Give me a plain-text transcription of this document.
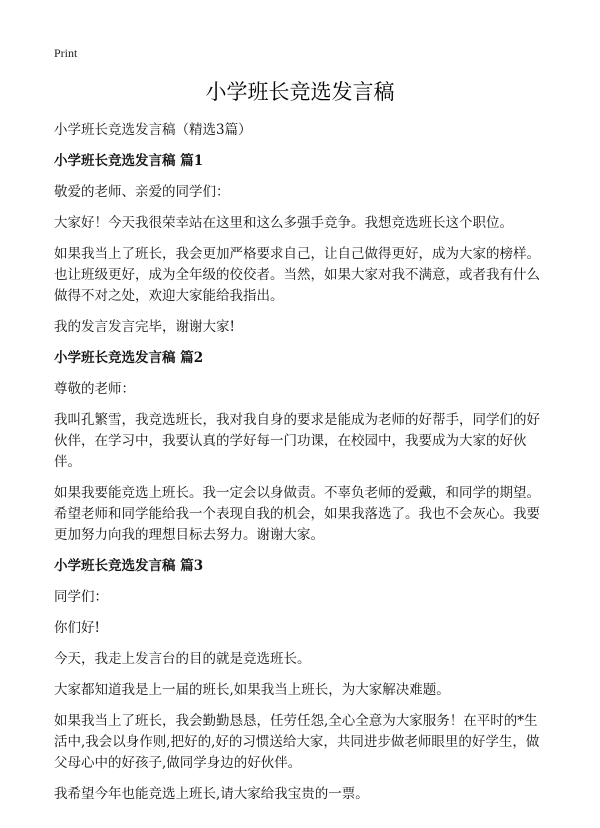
Print
小学班长竞选发言稿

小学班长竞选发言稿（精选3篇）

小学班长竞选发言稿 篇1

敬爱的老师、亲爱的同学们：

大家好！今天我很荣幸站在这里和这么多强手竞争。我想竞选班长这个职位。

如果我当上了班长，我会更加严格要求自己，让自己做得更好，成为大家的榜样。也让班级更好，成为全年级的佼佼者。当然，如果大家对我不满意，或者我有什么做得不对之处，欢迎大家能给我指出。

我的发言发言完毕，谢谢大家!

小学班长竞选发言稿 篇2

尊敬的老师：

我叫孔繁雪，我竞选班长，我对我自身的要求是能成为老师的好帮手，同学们的好伙伴，在学习中，我要认真的学好每一门功课，在校园中，我要成为大家的好伙伴。

如果我要能竞选上班长。我一定会以身做责。不辜负老师的爱戴，和同学的期望。希望老师和同学能给我一个表现自我的机会，如果我落选了。我也不会灰心。我要更加努力向我的理想目标去努力。谢谢大家。

小学班长竞选发言稿 篇3

同学们：

你们好!

今天，我走上发言台的目的就是竞选班长。

大家都知道我是上一届的班长,如果我当上班长，为大家解决难题。

如果我当上了班长，我会勤勤恳恳，任劳任怨,全心全意为大家服务！在平时的*生活中,我会以身作则,把好的,好的习惯送给大家，共同进步做老师眼里的好学生，做父母心中的好孩子,做同学身边的好伙伴。

我希望今年也能竞选上班长,请大家给我宝贵的一票。
